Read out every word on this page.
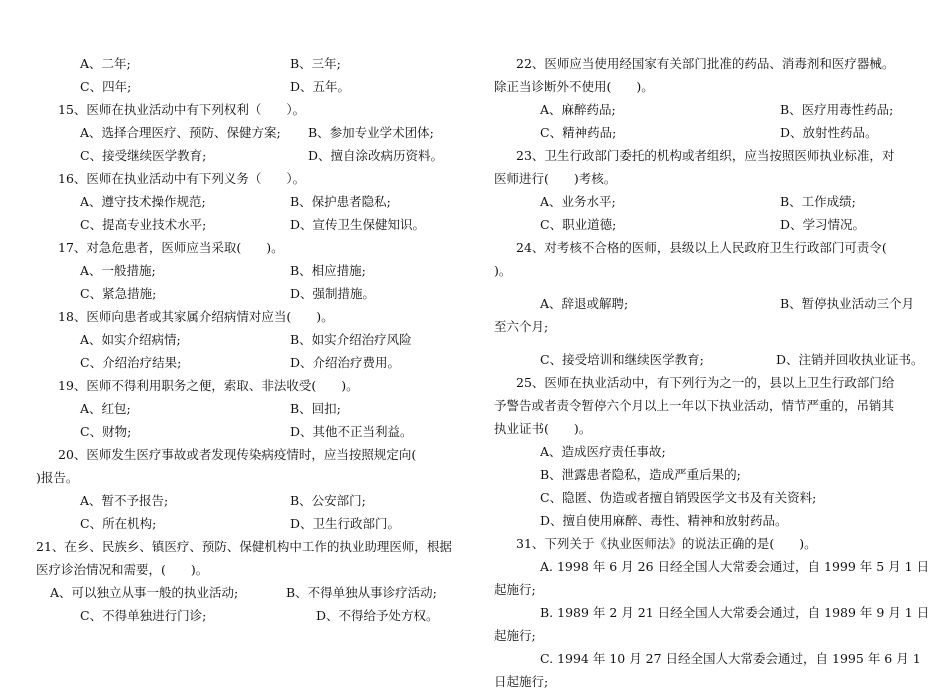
A、二年;	B、三年;
C、四年;	D、五年。
15、医师在执业活动中有下列权利（　　）。
A、选择合理医疗、预防、保健方案; B、参加专业学术团体;
C、接受继续医学教育;	D、擅自涂改病历资料。
16、医师在执业活动中有下列义务（　　）。
A、遵守技术操作规范;	B、保护患者隐私;
C、提高专业技术水平;	D、宣传卫生保健知识。
17、对急危患者，医师应当采取(　　)。
A、一般措施;	B、相应措施;
C、紧急措施;	D、强制措施。
18、医师向患者或其家属介绍病情对应当(　　)。
A、如实介绍病情;	B、如实介绍治疗风险
C、介绍治疗结果;	D、介绍治疗费用。
19、医师不得利用职务之便，索取、非法收受(　　)。
A、红包;	B、回扣;
C、财物;	D、其他不正当利益。
20、医师发生医疗事故或者发现传染病疫情时，应当按照规定向(
)报告。
A、暂不予报告;	B、公安部门;
C、所在机构;	D、卫生行政部门。
21、在乡、民族乡、镇医疗、预防、保健机构中工作的执业助理医师，根据
医疗诊治情况和需要，(　　)。
A、可以独立从事一般的执业活动;	B、不得单独从事诊疗活动;
C、不得单独进行门诊;	D、不得给予处方权。
22、医师应当使用经国家有关部门批准的药品、消毒剂和医疗器械。
除正当诊断外不使用(　　)。
A、麻醉药品;	B、医疗用毒性药品;
C、精神药品;	D、放射性药品。
23、卫生行政部门委托的机构或者组织，应当按照医师执业标准，对
医师进行(　　)考核。
A、业务水平;	B、工作成绩;
C、职业道德;	D、学习情况。
24、对考核不合格的医师，县级以上人民政府卫生行政部门可责令(
)。
A、辞退或解聘;	B、暂停执业活动三个月
至六个月;
C、接受培训和继续医学教育;	D、注销并回收执业证书。
25、医师在执业活动中，有下列行为之一的，县以上卫生行政部门给
予警告或者责令暂停六个月以上一年以下执业活动，情节严重的，吊销其
执业证书(　　)。
A、造成医疗责任事故;
B、泄露患者隐私，造成严重后果的;
C、隐匿、伪造或者擅自销毁医学文书及有关资料;
D、擅自使用麻醉、毒性、精神和放射药品。
31、下列关于《执业医师法》的说法正确的是(　　)。
A. 1998 年 6 月 26 日经全国人大常委会通过，自 1999 年 5 月 1 日
起施行;
B. 1989 年 2 月 21 日经全国人大常委会通过，自 1989 年 9 月 1 日
起施行;
C. 1994 年 10 月 27 日经全国人大常委会通过，自 1995 年 6 月 1
日起施行;
